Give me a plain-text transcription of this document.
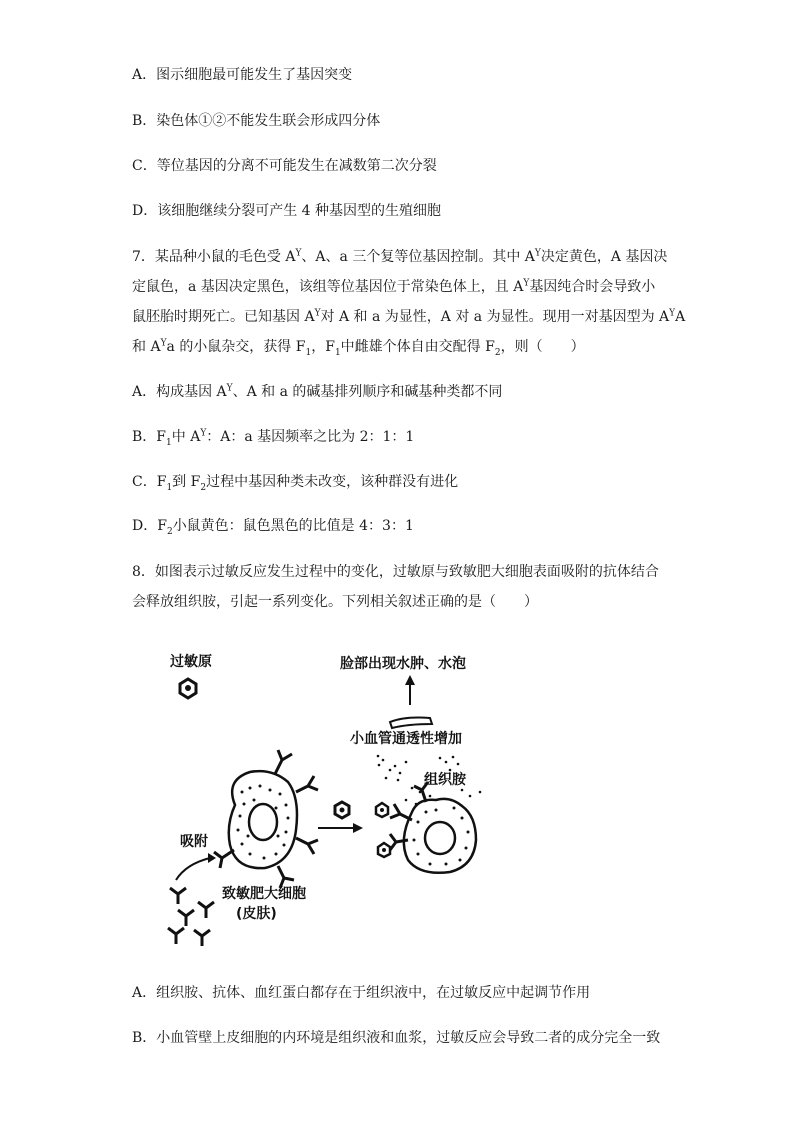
A．图示细胞最可能发生了基因突变
B．染色体①②不能发生联会形成四分体
C．等位基因的分离不可能发生在减数第二次分裂
D．该细胞继续分裂可产生 4 种基因型的生殖细胞
7．某品种小鼠的毛色受 $A^Y$、A、a 三个复等位基因控制。其中 $A^Y$决定黄色，A 基因决
定鼠色，a 基因决定黑色，该组等位基因位于常染色体上，且 $A^Y$基因纯合时会导致小
鼠胚胎时期死亡。已知基因 $A^Y$对 A 和 a 为显性，A 对 a 为显性。现用一对基因型为 $A^YA$
和 $A^Ya$ 的小鼠杂交，获得 $F_1$，$F_1$中雌雄个体自由交配得 $F_2$，则（　　）
A．构成基因 $A^Y$、A 和 a 的碱基排列顺序和碱基种类都不同
B．$F_1$中 $A^Y$：A：a 基因频率之比为 2：1：1
C．$F_1$到 $F_2$过程中基因种类未改变，该种群没有进化
D．$F_2$小鼠黄色：鼠色黑色的比值是 4：3：1
8．如图表示过敏反应发生过程中的变化，过敏原与致敏肥大细胞表面吸附的抗体结合
会释放组织胺，引起一系列变化。下列相关叙述正确的是（　　）
过敏原	脸部出现水肿、水泡
小血管通透性增加
组织胺
吸附
致敏肥大细胞
(皮肤)
A．组织胺、抗体、血红蛋白都存在于组织液中，在过敏反应中起调节作用
B．小血管壁上皮细胞的内环境是组织液和血浆，过敏反应会导致二者的成分完全一致
